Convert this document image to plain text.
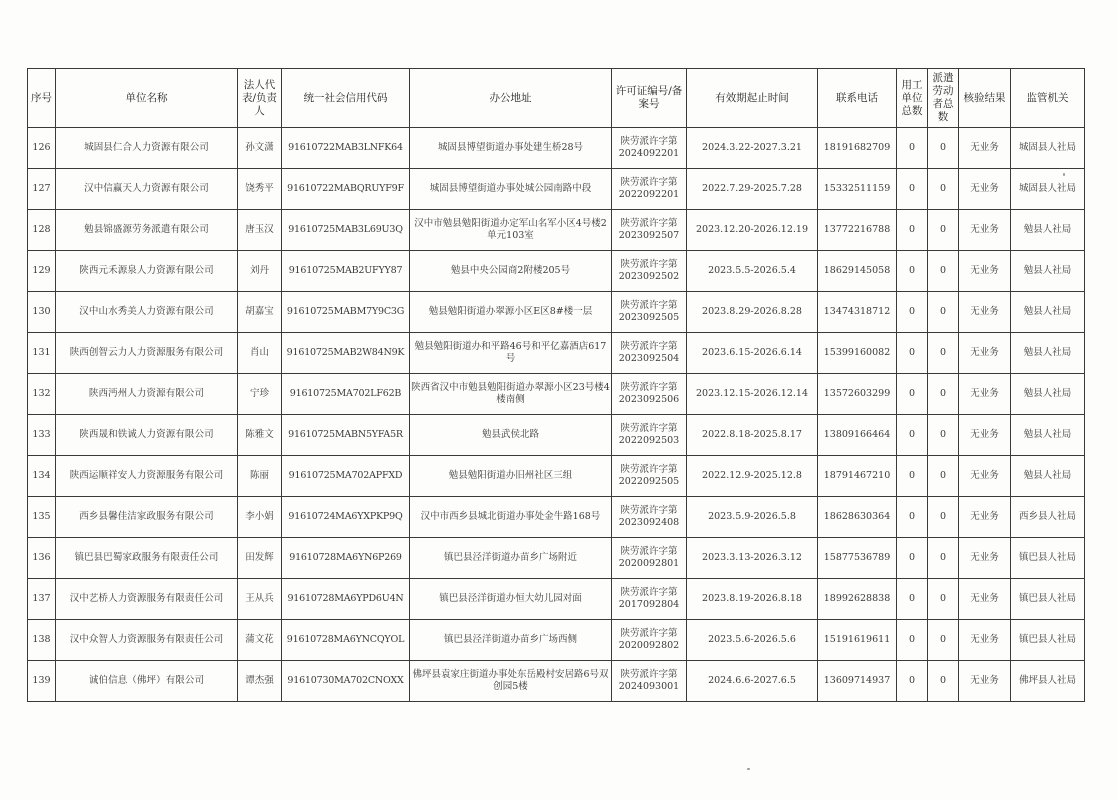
序号	单位名称	法人代表/负责人	统一社会信用代码	办公地址	许可证编号/备案号	有效期起止时间	联系电话	用工单位总数	派遣劳动者总数	核验结果	监管机关
126	城固县仁合人力资源有限公司	孙文潇	91610722MAB3LNFK64	城固县博望街道办事处建生桥28号	陕劳派许字第2024092201	2024.3.22-2027.3.21	18191682709	0	0	无业务	城固县人社局
127	汉中信赢天人力资源有限公司	饶秀平	91610722MABQRUYF9F	城固县博望街道办事处城公园南路中段	陕劳派许字第2022092201	2022.7.29-2025.7.28	15332511159	0	0	无业务	城固县人社局
128	勉县锦盛源劳务派遣有限公司	唐玉汉	91610725MAB3L69U3Q	汉中市勉县勉阳街道办定军山名军小区4号楼2单元103室	陕劳派许字第2023092507	2023.12.20-2026.12.19	13772216788	0	0	无业务	勉县人社局
129	陕西元禾源泉人力资源有限公司	刘丹	91610725MAB2UFYY87	勉县中央公园商2附楼205号	陕劳派许字第2023092502	2023.5.5-2026.5.4	18629145058	0	0	无业务	勉县人社局
130	汉中山水秀美人力资源有限公司	胡嘉宝	91610725MABM7Y9C3G	勉县勉阳街道办翠源小区E区8#楼一层	陕劳派许字第2023092505	2023.8.29-2026.8.28	13474318712	0	0	无业务	勉县人社局
131	陕西创智云力人力资源服务有限公司	肖山	91610725MAB2W84N9K	勉县勉阳街道办和平路46号和平亿嘉酒店617号	陕劳派许字第2023092504	2023.6.15-2026.6.14	15399160082	0	0	无业务	勉县人社局
132	陕西沔州人力资源有限公司	宁珍	91610725MA702LF62B	陕西省汉中市勉县勉阳街道办翠源小区23号楼4楼南侧	陕劳派许字第2023092506	2023.12.15-2026.12.14	13572603299	0	0	无业务	勉县人社局
133	陕西晟和铁诚人力资源有限公司	陈雅文	91610725MABN5YFA5R	勉县武侯北路	陕劳派许字第2022092503	2022.8.18-2025.8.17	13809166464	0	0	无业务	勉县人社局
134	陕西运顺祥安人力资源服务有限公司	陈丽	91610725MA702APFXD	勉县勉阳街道办旧州社区三组	陕劳派许字第2022092505	2022.12.9-2025.12.8	18791467210	0	0	无业务	勉县人社局
135	西乡县馨佳洁家政服务有限公司	李小娟	91610724MA6YXPKP9Q	汉中市西乡县城北街道办事处金牛路168号	陕劳派许字第2023092408	2023.5.9-2026.5.8	18628630364	0	0	无业务	西乡县人社局
136	镇巴县巴蜀家政服务有限责任公司	田发辉	91610728MA6YN6P269	镇巴县泾洋街道办苗乡广场附近	陕劳派许字第2020092801	2023.3.13-2026.3.12	15877536789	0	0	无业务	镇巴县人社局
137	汉中艺桥人力资源服务有限责任公司	王从兵	91610728MA6YPD6U4N	镇巴县泾洋街道办恒大幼儿园对面	陕劳派许字第2017092804	2023.8.19-2026.8.18	18992628838	0	0	无业务	镇巴县人社局
138	汉中众智人力资源服务有限责任公司	蒲文花	91610728MA6YNCQYOL	镇巴县泾洋街道办苗乡广场西侧	陕劳派许字第2020092802	2023.5.6-2026.5.6	15191619611	0	0	无业务	镇巴县人社局
139	诚伯信息（佛坪）有限公司	谭杰强	91610730MA702CNOXX	佛坪县袁家庄街道办事处东岳殿村安居路6号双创园5楼	陕劳派许字第2024093001	2024.6.6-2027.6.5	13609714937	0	0	无业务	佛坪县人社局
